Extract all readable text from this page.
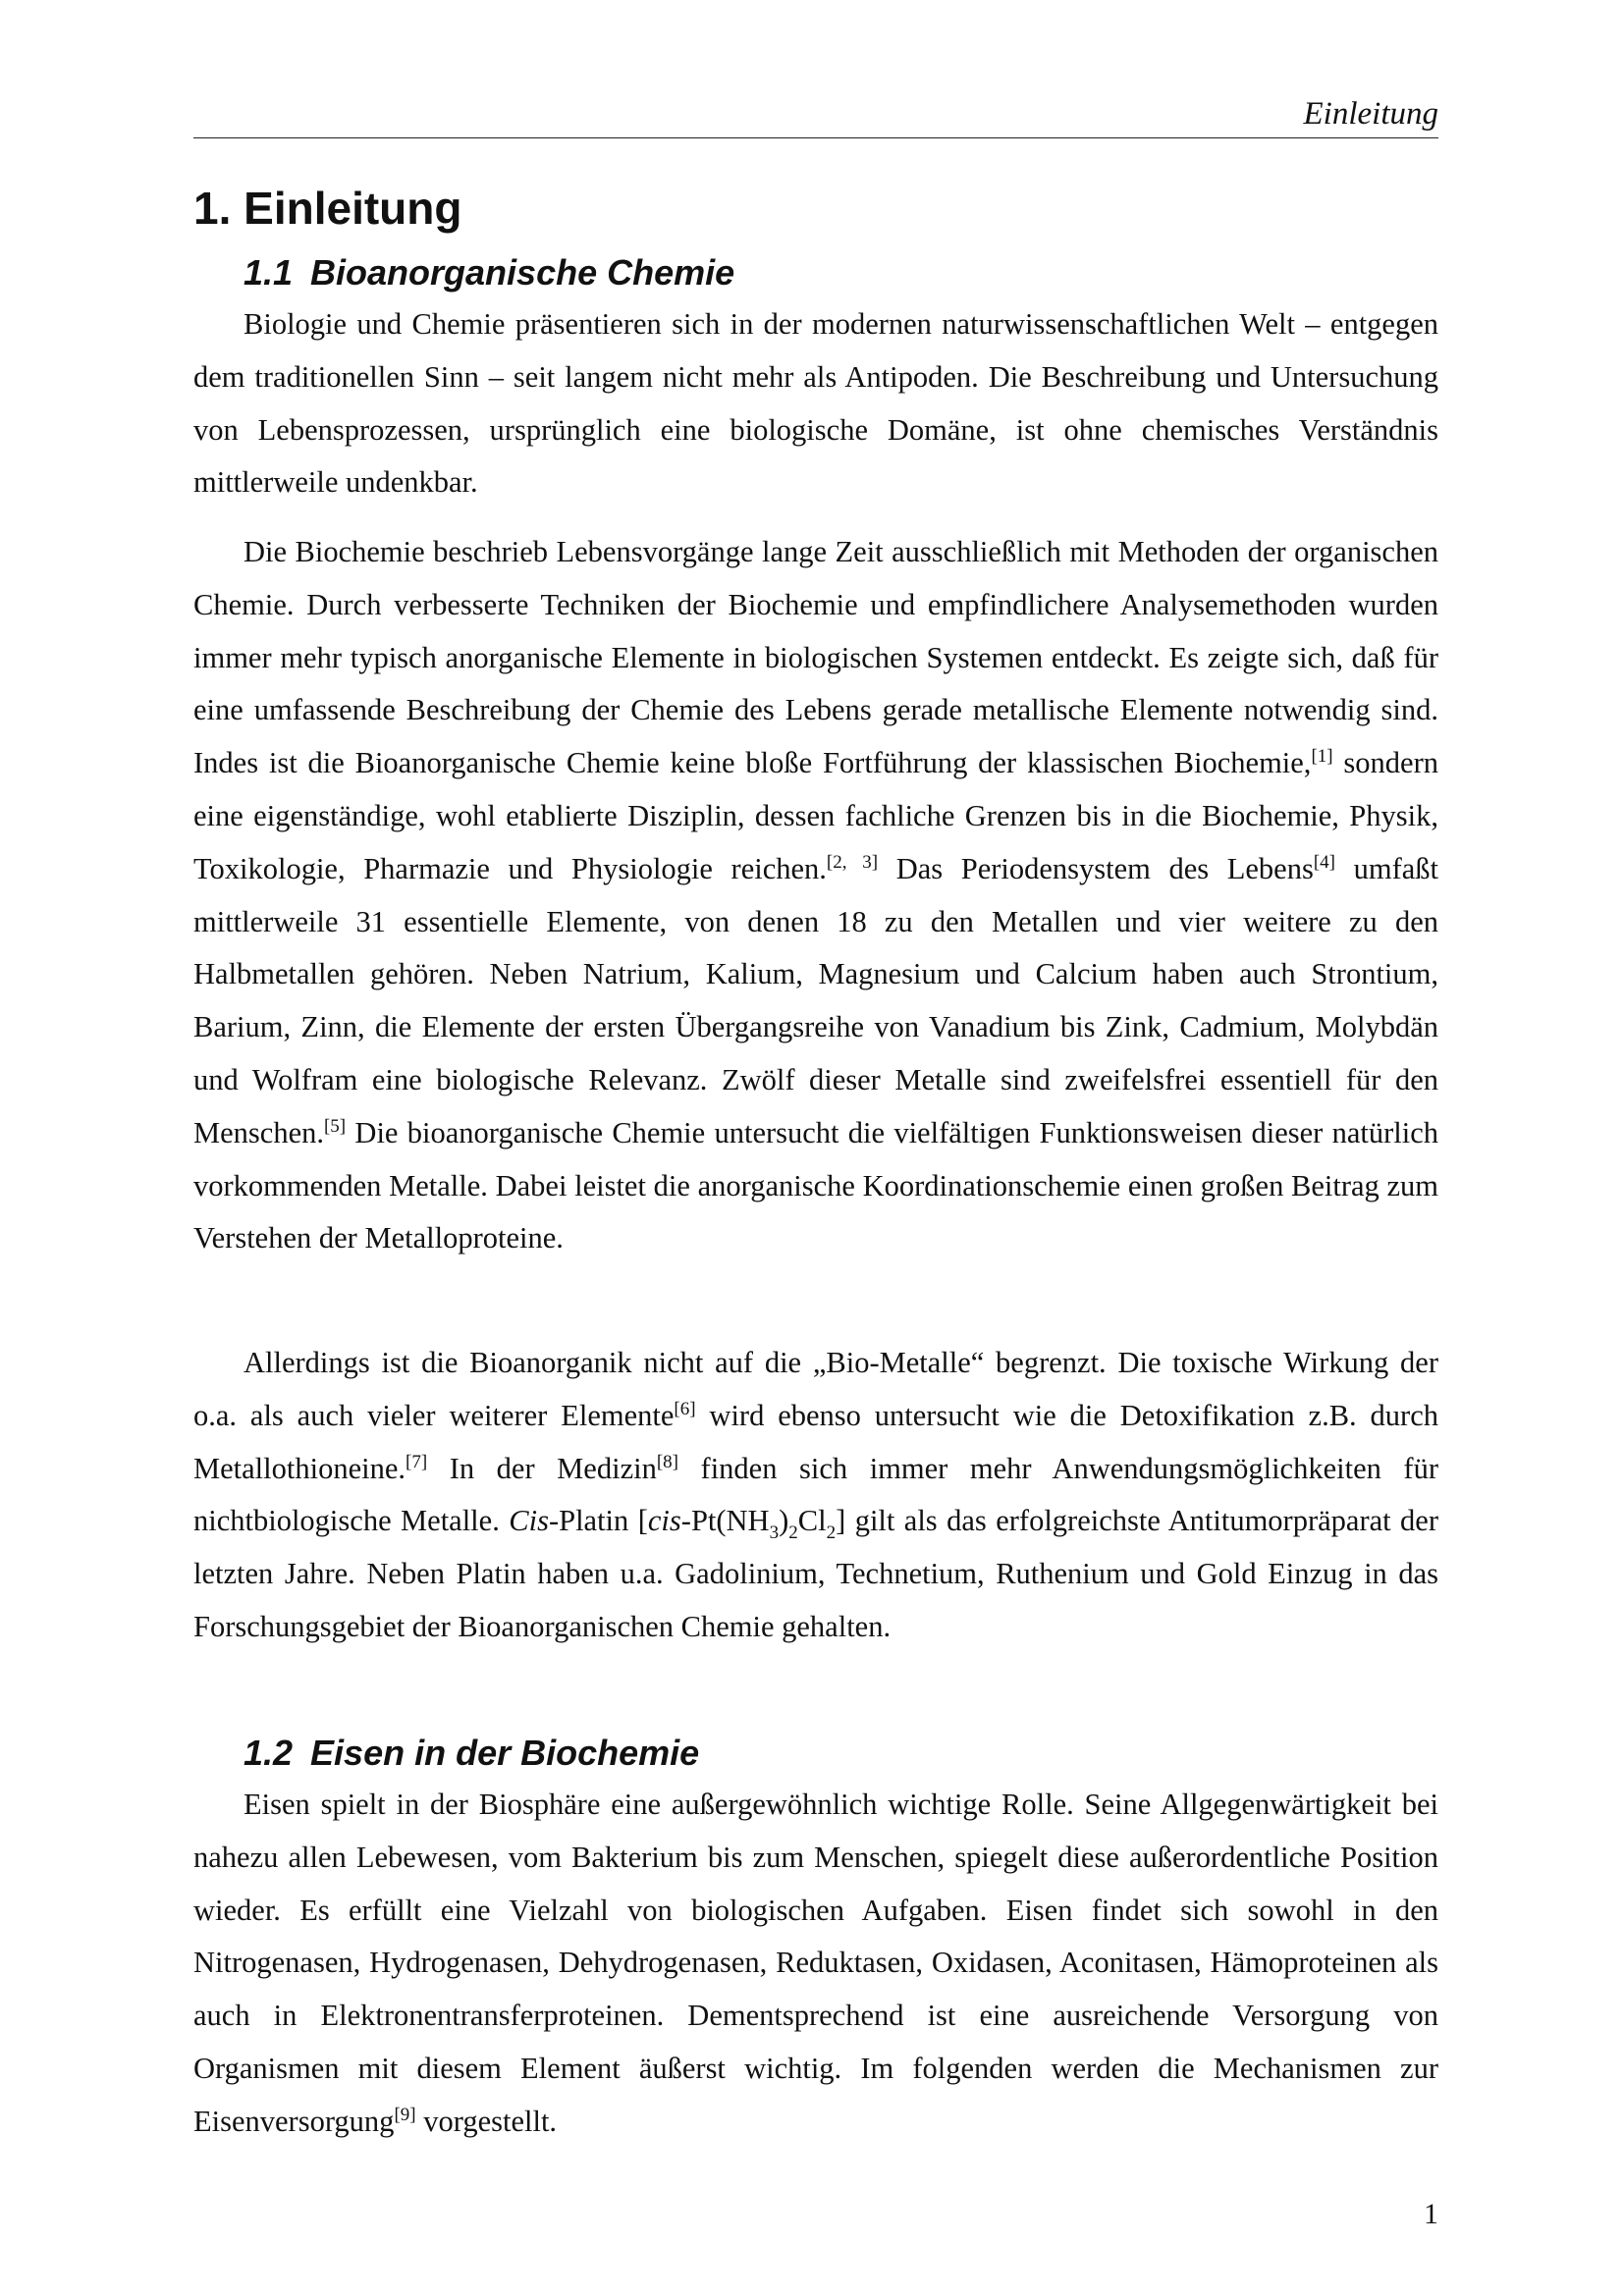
Einleitung
1. Einleitung
1.1 Bioanorganische Chemie

Biologie und Chemie präsentieren sich in der modernen naturwissenschaftlichen Welt – entgegen dem traditionellen Sinn – seit langem nicht mehr als Antipoden. Die Beschreibung und Untersuchung von Lebensprozessen, ursprünglich eine biologische Domäne, ist ohne chemisches Verständnis mittlerweile undenkbar.

Die Biochemie beschrieb Lebensvorgänge lange Zeit ausschließlich mit Methoden der organischen Chemie. Durch verbesserte Techniken der Biochemie und empfindlichere Analysemethoden wurden immer mehr typisch anorganische Elemente in biologischen Systemen entdeckt. Es zeigte sich, daß für eine umfassende Beschreibung der Chemie des Lebens gerade metallische Elemente notwendig sind. Indes ist die Bioanorganische Chemie keine bloße Fortführung der klassischen Biochemie,[1] sondern eine eigenständige, wohl etablierte Disziplin, dessen fachliche Grenzen bis in die Biochemie, Physik, Toxikologie, Pharmazie und Physiologie reichen.[2, 3] Das Periodensystem des Lebens[4] umfaßt mittlerweile 31 essentielle Elemente, von denen 18 zu den Metallen und vier weitere zu den Halbmetallen gehören. Neben Natrium, Kalium, Magnesium und Calcium haben auch Strontium, Barium, Zinn, die Elemente der ersten Übergangsreihe von Vanadium bis Zink, Cadmium, Molybdän und Wolfram eine biologische Relevanz. Zwölf dieser Metalle sind zweifelsfrei essentiell für den Menschen.[5] Die bioanorganische Chemie untersucht die vielfältigen Funktionsweisen dieser natürlich vorkommenden Metalle. Dabei leistet die anorganische Koordinationschemie einen großen Beitrag zum Verstehen der Metalloproteine.

Allerdings ist die Bioanorganik nicht auf die „Bio-Metalle“ begrenzt. Die toxische Wirkung der o.a. als auch vieler weiterer Elemente[6] wird ebenso untersucht wie die Detoxifikation z.B. durch Metallothioneine.[7] In der Medizin[8] finden sich immer mehr Anwendungsmöglichkeiten für nichtbiologische Metalle. Cis-Platin $[cis-Pt(NH_3)_2Cl_2]$ gilt als das erfolgreichste Antitumorpräparat der letzten Jahre. Neben Platin haben u.a. Gadolinium, Technetium, Ruthenium und Gold Einzug in das Forschungsgebiet der Bioanorganischen Chemie gehalten.

1.2 Eisen in der Biochemie

Eisen spielt in der Biosphäre eine außergewöhnlich wichtige Rolle. Seine Allgegenwärtigkeit bei nahezu allen Lebewesen, vom Bakterium bis zum Menschen, spiegelt diese außerordentliche Position wieder. Es erfüllt eine Vielzahl von biologischen Aufgaben. Eisen findet sich sowohl in den Nitrogenasen, Hydrogenasen, Dehydrogenasen, Reduktasen, Oxidasen, Aconitasen, Hämoproteinen als auch in Elektronentransferproteinen. Dementsprechend ist eine ausreichende Versorgung von Organismen mit diesem Element äußerst wichtig. Im folgenden werden die Mechanismen zur Eisenversorgung[9] vorgestellt.

1
